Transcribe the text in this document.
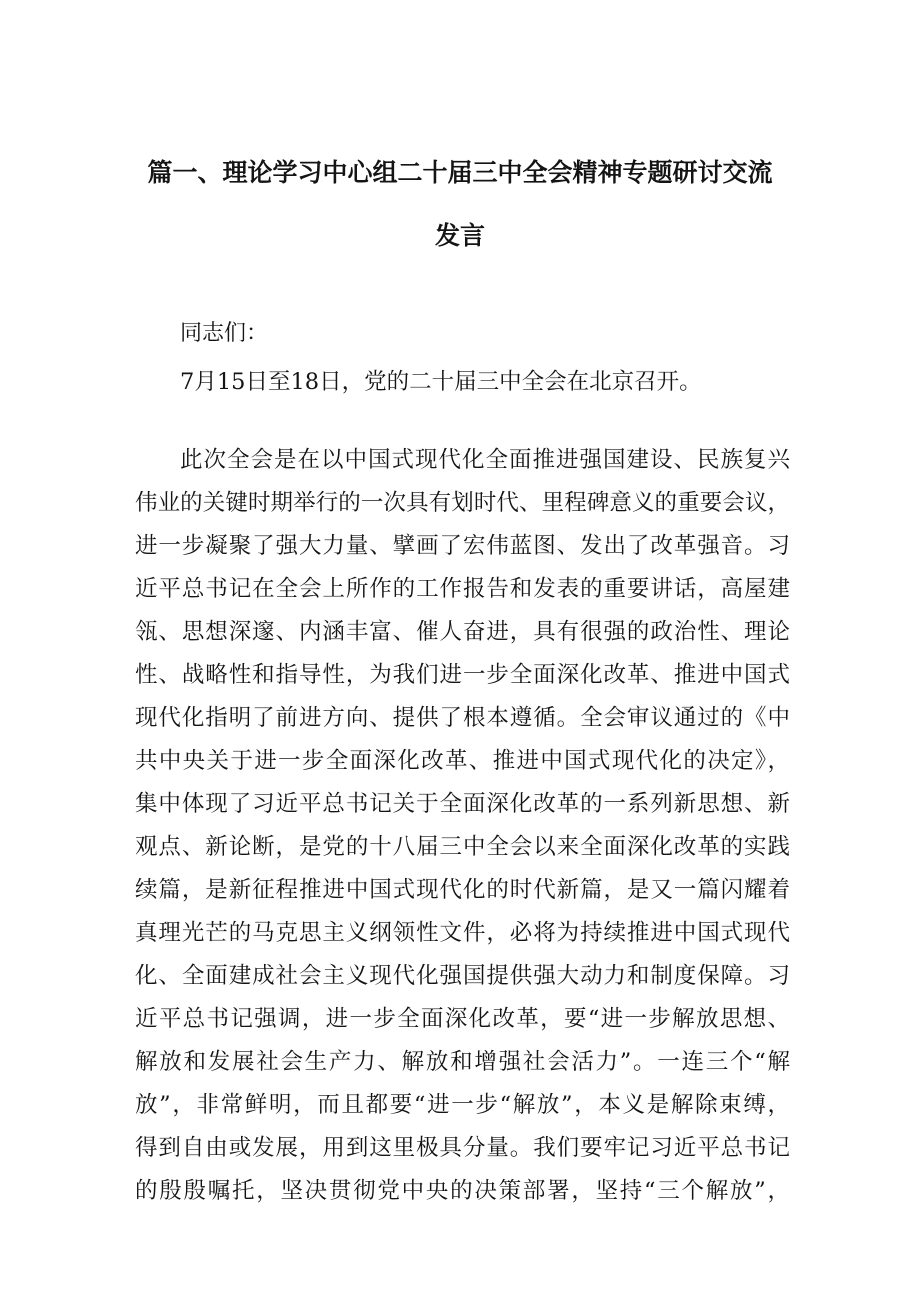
篇一、理论学习中心组二十届三中全会精神专题研讨交流
发言
同志们：
7月15日至18日，党的二十届三中全会在北京召开。
此次全会是在以中国式现代化全面推进强国建设、民族复兴
伟业的关键时期举行的一次具有划时代、里程碑意义的重要会议，
进一步凝聚了强大力量、擘画了宏伟蓝图、发出了改革强音。习
近平总书记在全会上所作的工作报告和发表的重要讲话，高屋建
瓴、思想深邃、内涵丰富、催人奋进，具有很强的政治性、理论
性、战略性和指导性，为我们进一步全面深化改革、推进中国式
现代化指明了前进方向、提供了根本遵循。全会审议通过的《中
共中央关于进一步全面深化改革、推进中国式现代化的决定》，
集中体现了习近平总书记关于全面深化改革的一系列新思想、新
观点、新论断，是党的十八届三中全会以来全面深化改革的实践
续篇，是新征程推进中国式现代化的时代新篇，是又一篇闪耀着
真理光芒的马克思主义纲领性文件，必将为持续推进中国式现代
化、全面建成社会主义现代化强国提供强大动力和制度保障。习
近平总书记强调，进一步全面深化改革，要“进一步解放思想、
解放和发展社会生产力、解放和增强社会活力”。一连三个“解
放”，非常鲜明，而且都要“进一步“解放”，本义是解除束缚，
得到自由或发展，用到这里极具分量。我们要牢记习近平总书记
的殷殷嘱托，坚决贯彻党中央的决策部署，坚持“三个解放”，
